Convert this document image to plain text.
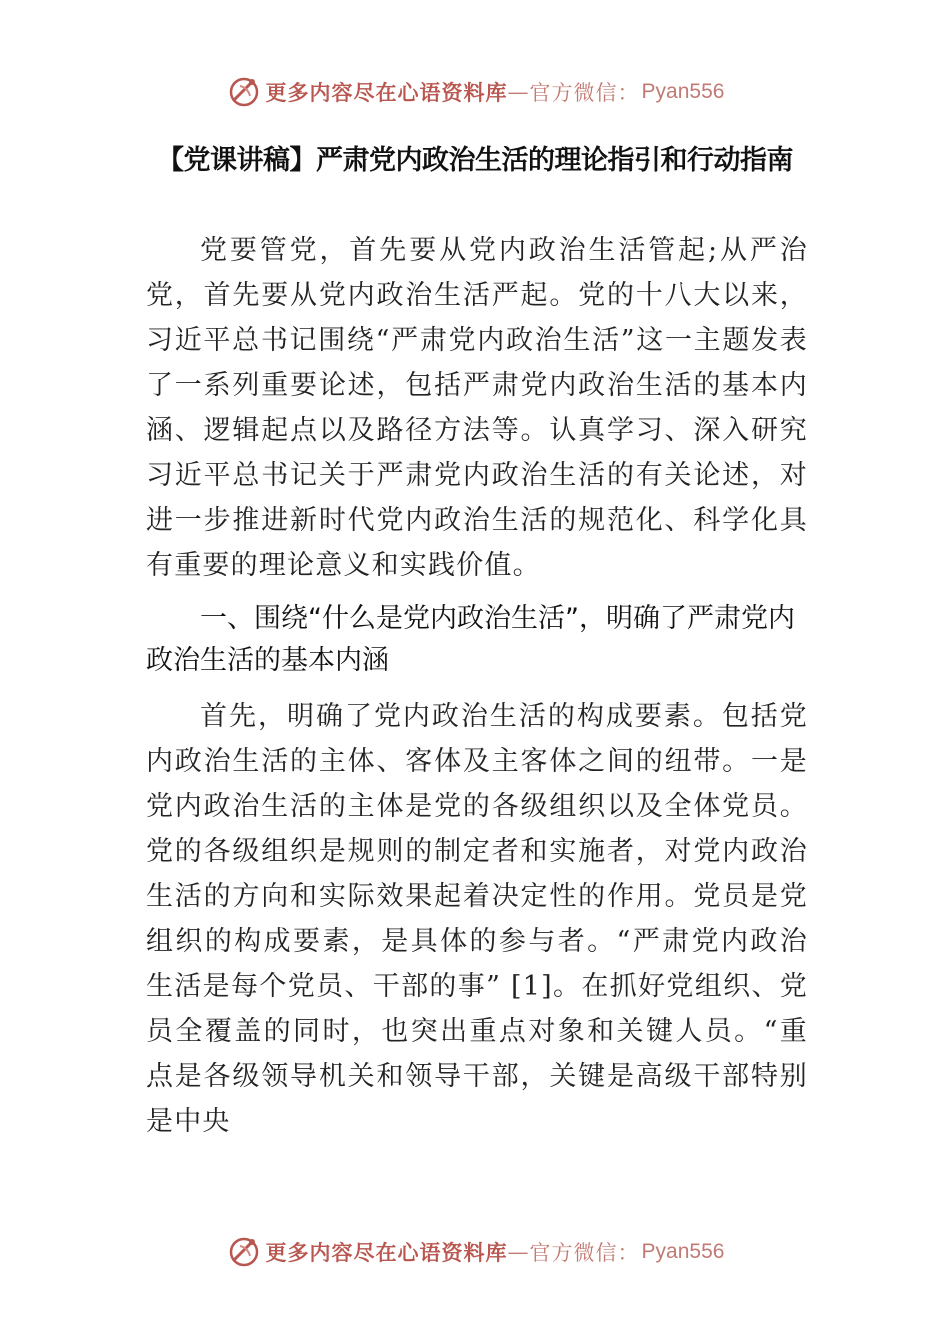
更多内容尽在心语资料库 — 官方微信： Pyan556
【党课讲稿】严肃党内政治生活的理论指引和行动指南

党要管党，首先要从党内政治生活管起;从严治党，首先要从党内政治生活严起。党的十八大以来，习近平总书记围绕“严肃党内政治生活”这一主题发表了一系列重要论述，包括严肃党内政治生活的基本内涵、逻辑起点以及路径方法等。认真学习、深入研究习近平总书记关于严肃党内政治生活的有关论述，对进一步推进新时代党内政治生活的规范化、科学化具有重要的理论意义和实践价值。

一、围绕“什么是党内政治生活”，明确了严肃党内政治生活的基本内涵

首先，明确了党内政治生活的构成要素。包括党内政治生活的主体、客体及主客体之间的纽带。一是党内政治生活的主体是党的各级组织以及全体党员。党的各级组织是规则的制定者和实施者，对党内政治生活的方向和实际效果起着决定性的作用。党员是党组织的构成要素，是具体的参与者。“严肃党内政治生活是每个党员、干部的事” [1]。在抓好党组织、党员全覆盖的同时，也突出重点对象和关键人员。“重点是各级领导机关和领导干部，关键是高级干部特别是中央

更多内容尽在心语资料库 — 官方微信： Pyan556
